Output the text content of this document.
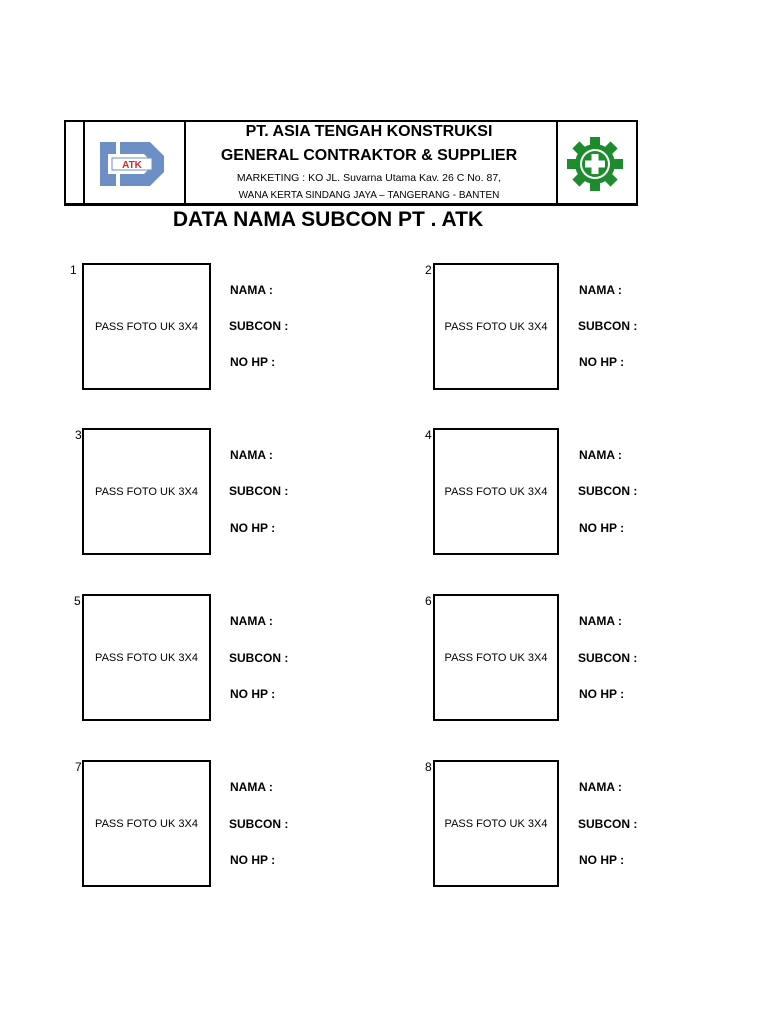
ATK
PT. ASIA TENGAH KONSTRUKSI
GENERAL CONTRAKTOR & SUPPLIER
MARKETING : KO JL. Suvarna Utama Kav. 26 C No. 87,
WANA KERTA SINDANG JAYA – TANGERANG - BANTEN
DATA NAMA SUBCON PT . ATK
1
PASS FOTO UK 3X4
NAMA :
SUBCON :
NO HP :
2
PASS FOTO UK 3X4
NAMA :
SUBCON :
NO HP :
3
PASS FOTO UK 3X4
NAMA :
SUBCON :
NO HP :
4
PASS FOTO UK 3X4
NAMA :
SUBCON :
NO HP :
5
PASS FOTO UK 3X4
NAMA :
SUBCON :
NO HP :
6
PASS FOTO UK 3X4
NAMA :
SUBCON :
NO HP :
7
PASS FOTO UK 3X4
NAMA :
SUBCON :
NO HP :
8
PASS FOTO UK 3X4
NAMA :
SUBCON :
NO HP :
